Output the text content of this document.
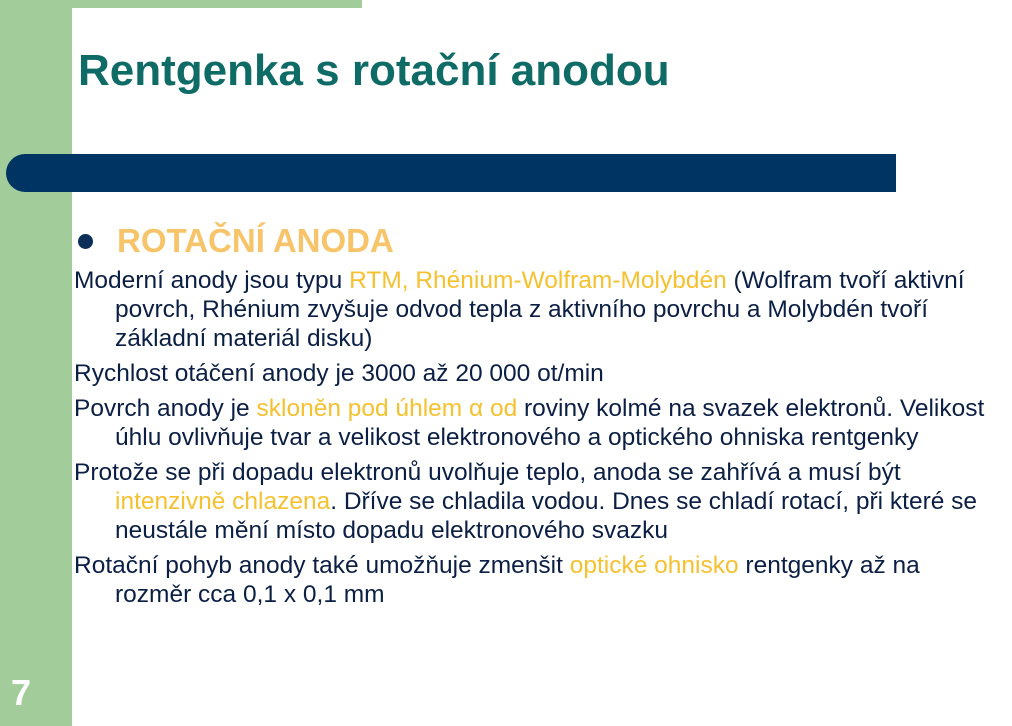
Rentgenka s rotační anodou
ROTAČNÍ ANODA

Moderní anody jsou typu RTM, Rhénium-Wolfram-Molybdén (Wolfram tvoří aktivní povrch, Rhénium zvyšuje odvod tepla z aktivního povrchu a Molybdén tvoří základní materiál disku)

Rychlost otáčení anody je 3000 až 20 000 ot/min

Povrch anody je skloněn pod úhlem α od roviny kolmé na svazek elektronů. Velikost úhlu ovlivňuje tvar a velikost elektronového a optického ohniska rentgenky

Protože se při dopadu elektronů uvolňuje teplo, anoda se zahřívá a musí být intenzivně chlazena. Dříve se chladila vodou. Dnes se chladí rotací, při které se neustále mění místo dopadu elektronového svazku

Rotační pohyb anody také umožňuje zmenšit optické ohnisko rentgenky až na rozměr cca 0,1 x 0,1 mm

7
